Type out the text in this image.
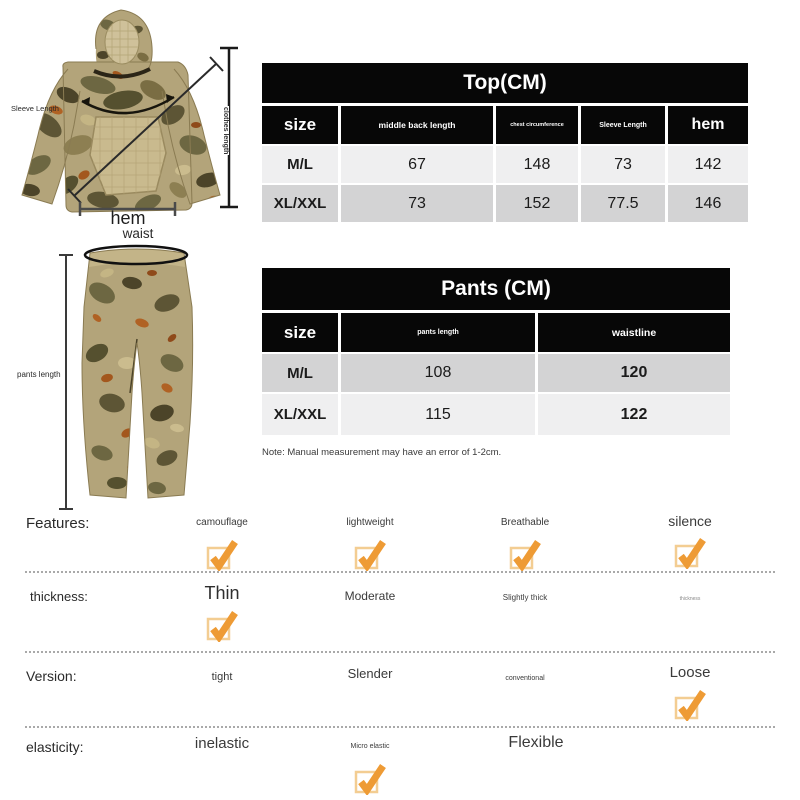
Sleeve Length	clothes length
hem
waist
pants length
Top(CM)
size	middle back length	chest circumference	Sleeve Length	hem
M/L	67	148	73	142
XL/XXL	73	152	77.5	146
Pants (CM)
size	pants length	waistline
M/L	108	120
XL/XXL	115	122
Note: Manual measurement may have an error of 1-2cm.
Features:	camouflage	lightweight	Breathable	silence
thickness:	Thin	Moderate	Slightly thick	thickness
Version:	tight	Slender	conventional	Loose
elasticity:	inelastic	Micro elastic	Flexible
